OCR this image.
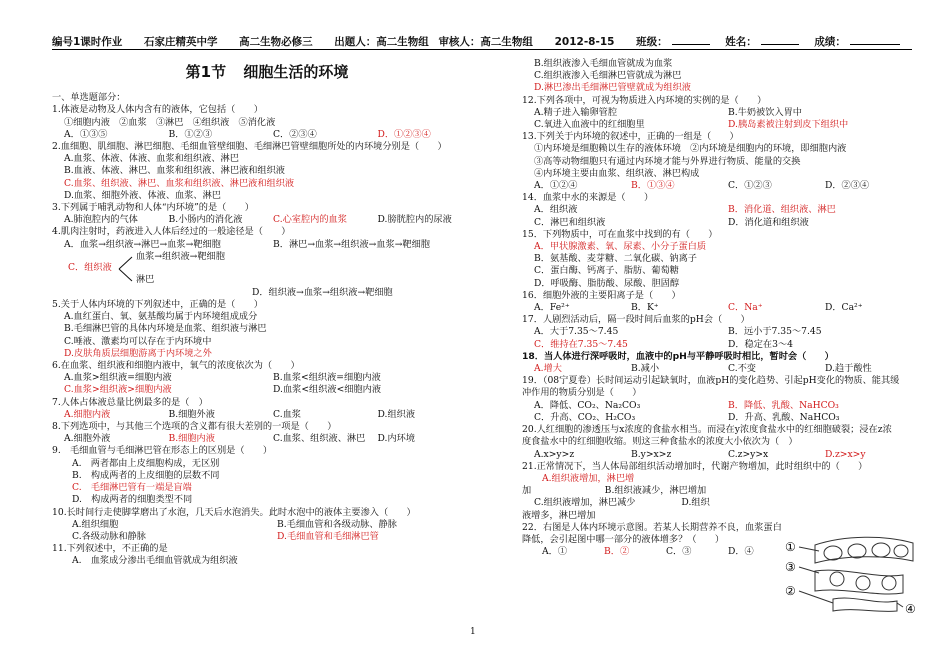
编号1课时作业 石家庄精英中学 高二生物必修三 出题人：高二生物组 审核人：高二生物组 2012-8-15 班级：	姓名：	成绩：
第1节 细胞生活的环境
一、单选题部分：
1.体液是动物及人体内含有的液体，它包括（　　）
①细胞内液　②血浆　③淋巴　④组织液　⑤消化液
A．①③⑤	B．①②③	C．②③④	D．①②③④
2.血细胞、肌细胞、淋巴细胞、毛细血管壁细胞、毛细淋巴管壁细胞所处的内环境分别是（　　）
A.血浆、体液、体液、血浆和组织液、淋巴
B.血液、体液、淋巴、血浆和组织液、淋巴液和组织液
C.血浆、组织液、淋巴、血浆和组织液、淋巴液和组织液
D.血浆、细胞外液、体液、血浆、淋巴
3.下列属于哺乳动物和人体“内环境”的是（　　）
A.肺泡腔内的气体	B.小肠内的消化液	C.心室腔内的血浆	D.膀胱腔内的尿液
4.肌肉注射时，药液进入人体后经过的一般途径是（　　）
A．血浆→组织液→淋巴→血浆→靶细胞	B．淋巴→血浆→组织液→血浆→靶细胞
C．组织液
血浆→组织液→靶细胞
淋巴
D．组织液→血浆→组织液→靶细胞
5.关于人体内环境的下列叙述中，正确的是（　　）
A.血红蛋白、氧、氨基酸均属于内环境组成成分
B.毛细淋巴管的具体内环境是血浆、组织液与淋巴
C.唾液、激素均可以存在于内环境中
D.皮肤角质层细胞游离于内环境之外
6.在血浆、组织液和细胞内液中，氧气的浓度依次为（　　）
A.血浆>组织液=细胞内液	B.血浆<组织液=细胞内液
C.血浆>组织液>细胞内液	D.血浆<组织液<细胞内液
7.人体占体液总量比例最多的是（　）
A.细胞内液	B.细胞外液	C.血浆	D.组织液
8.下列选项中，与其他三个选项的含义都有很大差别的一项是（　　）
A.细胞外液	B.细胞内液	C.血浆、组织液、淋巴 D.内环境
9.　毛细血管与毛细淋巴管在形态上的区别是（　　）
A.　两者都由上皮细胞构成，无区别
B.　构成两者的上皮细胞的层数不同
C.　毛细淋巴管有一端是盲端
D.　构成两者的细胞类型不同
10.长时间行走使脚掌磨出了水泡，几天后水泡消失。此时水泡中的液体主要渗入（　　）
A.组织细胞	B.毛细血管和各级动脉、静脉
C.各级动脉和静脉	D.毛细血管和毛细淋巴管
11.下列叙述中，不正确的是
A.　血浆成分渗出毛细血管就成为组织液
B.组织液渗入毛细血管就成为血浆
C.组织液渗入毛细淋巴管就成为淋巴
D.淋巴渗出毛细淋巴管壁就成为组织液
12.下列各项中，可视为物质进入内环境的实例的是（　　）
A.精子进入输卵管腔	B.牛奶被饮入胃中
C.氧进入血液中的红细胞里	D.胰岛素被注射到皮下组织中
13.下列关于内环境的叙述中，正确的一组是（　　）
①内环境是细胞赖以生存的液体环境　②内环境是细胞内的环境，即细胞内液
③高等动物细胞只有通过内环境才能与外界进行物质、能量的交换
④内环境主要由血浆、组织液、淋巴构成
A．①②④	B．①③④	C．①②③	D．②③④
14．血浆中水的来源是（　　）
A．组织液	B．消化道、组织液、淋巴
C．淋巴和组织液	D．消化道和组织液
15．下列物质中，可在血浆中找到的有（　　）
A．甲状腺激素、氧、尿素、小分子蛋白质
B．氨基酸、麦芽糖、二氧化碳、钠离子
C．蛋白酶、钙离子、脂肪、葡萄糖
D．呼吸酶、脂肪酸、尿酸、胆固醇
16．细胞外液的主要阳离子是（　　）
A．Fe²⁺	B．K⁺	C．Na⁺	D．Ca²⁺
17．人剧烈活动后，隔一段时间后血浆的pH会（　　）
A．大于7.35～7.45	B．远小于7.35～7.45
C．维持在7.35～7.45	D．稳定在3～4
18．当人体进行深呼吸时，血液中的pH与平静呼吸时相比，暂时会（　　）
A.增大	B.减小	C.不变	D.趋于酸性
19．（08宁夏卷）长时间运动引起缺氧时，血液pH的变化趋势、引起pH变化的物质、能其缓
冲作用的物质分别是（　　）
A．降低、CO₂、Na₂CO₃	B．降低、乳酸、NaHCO₃
C．升高、CO₂、H₂CO₃	D．升高、乳酸、NaHCO₃
20.人红细胞的渗透压与x浓度的食盐水相当。而浸在y浓度食盐水中的红细胞破裂；浸在z浓
度食盐水中的红细胞收缩。则这三种食盐水的浓度大小依次为（　）
A.x>y>z	B.y>x>z	C.z>y>x	D.z>x>y
21.正常情况下，当人体局部组织活动增加时，代谢产物增加，此时组织中的（　　）
A.组织液增加，淋巴增
加　　　　　　　　B.组织液减少，淋巴增加
C.组织液增加，淋巴减少　　　　　D.组织
液增多，淋巴增加
22．右图是人体内环境示意图。若某人长期营养不良，血浆蛋白
降低，会引起图中哪一部分的液体增多？（　　）
A．①	B．②	C．③	D．④	①
③
②
④
1
